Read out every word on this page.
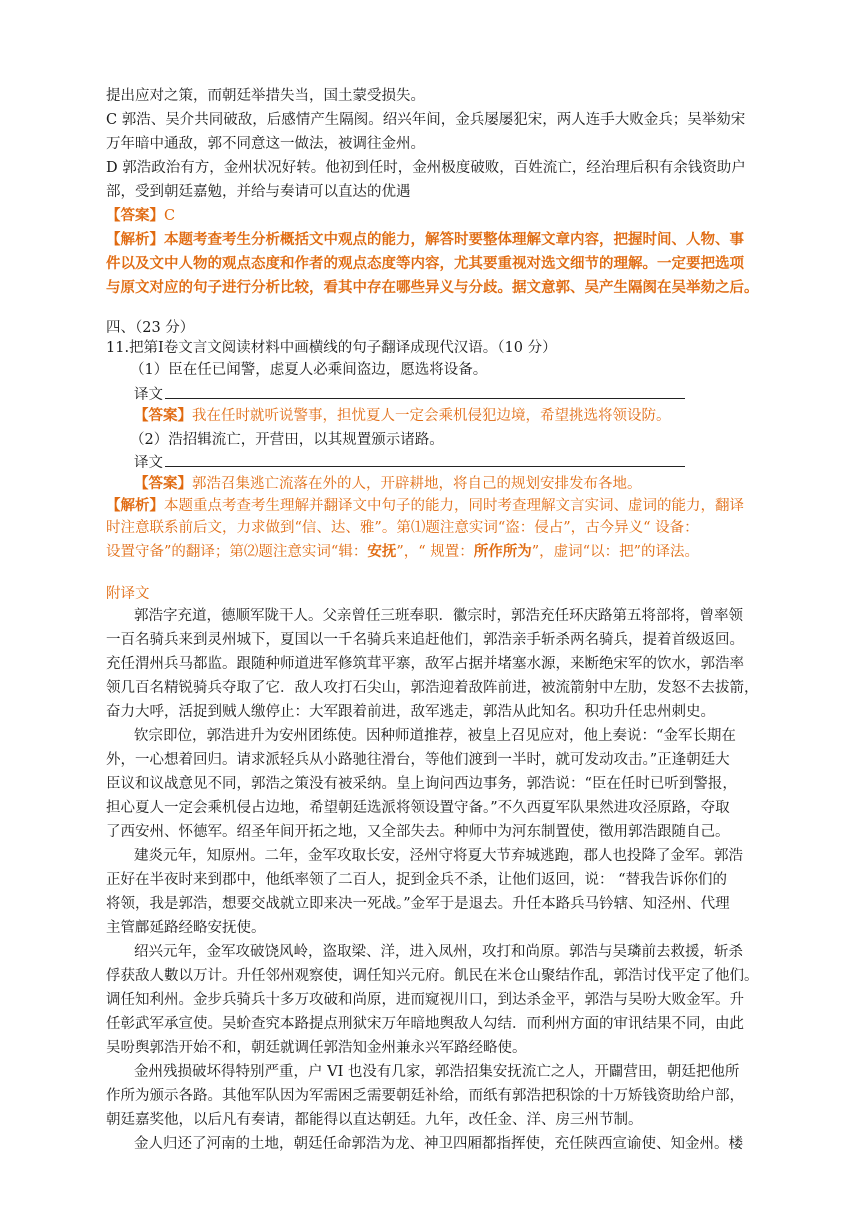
提出应对之策，而朝廷举措失当，国土蒙受损失。
C 郭浩、吴介共同破敌，后感情产生隔阂。绍兴年间，金兵屡屡犯宋，两人连手大败金兵；吴举劾宋
万年暗中通敌，郭不同意这一做法，被调往金州。
D 郭浩政治有方，金州状况好转。他初到任时，金州极度破败，百姓流亡，经治理后积有余钱资助户
部，受到朝廷嘉勉，并给与奏请可以直达的优遇
【答案】C
【解析】本题考查考生分析概括文中观点的能力，解答时要整体理解文章内容，把握时间、人物、事
件以及文中人物的观点态度和作者的观点态度等内容，尤其要重视对选文细节的理解。一定要把选项
与原文对应的句子进行分析比较，看其中存在哪些异义与分歧。据文意郭、吴产生隔阂在吴举劾之后。
四、（23 分）
11.把第Ⅰ卷文言文阅读材料中画横线的句子翻译成现代汉语。（10 分）
（1）臣在任已闻警，虑夏人必乘间盗边，愿选将设备。
译文
【答案】我在任时就听说警事，担忧夏人一定会乘机侵犯边境，希望挑选将领设防。
（2）浩招辑流亡，开营田，以其规置颁示诸路。
译文
【答案】郭浩召集逃亡流落在外的人，开辟耕地，将自己的规划安排发布各地。
【解析】本题重点考查考生理解并翻译文中句子的能力，同时考查理解文言实词、虚词的能力，翻译
时注意联系前后文，力求做到“信、达、雅”。第⑴题注意实词“盗：侵占”，古今异义“ 设备：
设置守备”的翻译；第⑵题注意实词“辑：安抚”，“ 规置：所作所为”，虚词“以：把”的译法。
附译文
郭浩字充道，德顺军陇干人。父亲曾任三班奉职．徽宗时，郭浩充任环庆路第五将部将，曾率领
一百名骑兵来到灵州城下，夏国以一千名骑兵来追赶他们，郭浩亲手斩杀两名骑兵，提着首级返回。
充任渭州兵马都监。跟随种师道进军修筑茸平寨，敌军占据并堵塞水源，来断绝宋军的饮水，郭浩率
领几百名精锐骑兵夺取了它．敌人攻打石尖山，郭浩迎着敌阵前进，被流箭射中左肋，发怒不去拔箭，
奋力大呼，活捉到贼人缴停止：大军跟着前进，敌军逃走，郭浩从此知名。积功升任忠州刺史。
钦宗即位，郭浩进升为安州团练使。因种师道推荐，被皇上召见应对，他上奏说：“金军长期在
外，一心想着回归。请求派轻兵从小路驰往滑台，等他们渡到一半时，就可发动攻击。”正逢朝廷大
臣议和议战意见不同，郭浩之策没有被采纳。皇上询问西边事务，郭浩说：“臣在任时已听到警报，
担心夏人一定会乘机侵占边地，希望朝廷选派将领设置守备。”不久西夏军队果然进攻泾原路，夺取
了西安州、怀德军。绍圣年间开拓之地，又全部失去。种师中为河东制置使，徵用郭浩跟随自己。
建炎元年，知原州。二年，金军攻取长安，泾州守将夏大节弃城逃跑，郡人也投降了金军。郭浩
正好在半夜时来到郡中，他纸率领了二百人，捉到金兵不杀，让他们返回，说： “替我告诉你们的
将领，我是郭浩，想要交战就立即来决一死战。”金军于是退去。升任本路兵马钤辖、知泾州、代理
主管鄜延路经略安抚使。
绍兴元年，金军攻破饶风岭，盗取梁、洋，进入凤州，攻打和尚原。郭浩与吴璘前去救援，斩杀
俘获敌人數以万计。升任邻州观察使，调任知兴元府。飢民在米仓山聚结作乱，郭浩讨伐平定了他们。
调任知利州。金步兵骑兵十多万攻破和尚原，进而窥视川口，到达杀金平，郭浩与吴吩大败金军。升
任彰武军承宣使。吴蚧查究本路提点刑狱宋万年暗地舆敌人勾结．而利州方面的审讯结果不同，由此
吴吩舆郭浩开始不和，朝廷就调任郭浩知金州兼永兴军路经略使。
金州残损破坏得特别严重，户 VI 也没有几家，郭浩招集安抚流亡之人，开闢营田，朝廷把他所
作所为颁示各路。其他军队因为军需困乏需要朝廷补给，而纸有郭浩把积馀的十万矫钱资助给户部，
朝廷嘉奖他，以后凡有奏请，都能得以直达朝廷。九年，改任金、洋、房三州节制。
金人归还了河南的土地，朝廷任命郭浩为龙、神卫四厢都指挥使，充任陕西宣谕使、知金州。楼
